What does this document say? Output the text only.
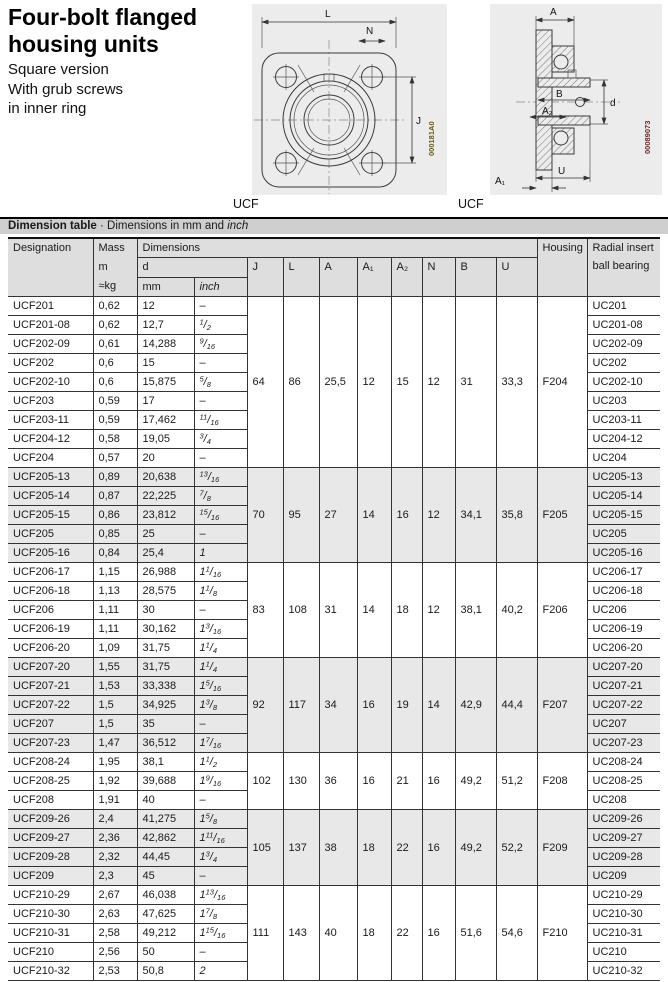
Four-bolt flanged
housing units
Square version
With grub screws
in inner ring
L
N
J 000181A0
A
B
A₂
d
U
A₁
00089073
UCF	UCF
Dimension table · Dimensions in mm and inch
Designation	Mass
m
≈kg
	Dimensions	Housing	Radial insert
ball bearing
		d		J	L	A	A₁	A₂	N	B	U		
		mm	inch										
UCF201	0,62	12	–	64	86	25,5	12	15	12	31	33,3	F204	UC201
UCF201-08	0,62	12,7	$^1/_2$										UC201-08
UCF202-09	0,61	14,288	$^9/_{16}$										UC202-09
UCF202	0,6	15	–										UC202
UCF202-10	0,6	15,875	$^5/_8$										UC202-10
UCF203	0,59	17	–										UC203
UCF203-11	0,59	17,462	$^{11}/_{16}$										UC203-11
UCF204-12	0,58	19,05	$^3/_4$										UC204-12
UCF204	0,57	20	–										UC204
UCF205-13	0,89	20,638	$^{13}/_{16}$	70	95	27	14	16	12	34,1	35,8	F205	UC205-13
UCF205-14	0,87	22,225	$^7/_8$										UC205-14
UCF205-15	0,86	23,812	$^{15}/_{16}$										UC205-15
UCF205	0,85	25	–										UC205
UCF205-16	0,84	25,4	1										UC205-16
UCF206-17	1,15	26,988	$1^1/_{16}$	83	108	31	14	18	12	38,1	40,2	F206	UC206-17
UCF206-18	1,13	28,575	$1^1/_8$										UC206-18
UCF206	1,11	30	–										UC206
UCF206-19	1,11	30,162	$1^3/_{16}$										UC206-19
UCF206-20	1,09	31,75	$1^1/_4$										UC206-20
UCF207-20	1,55	31,75	$1^1/_4$	92	117	34	16	19	14	42,9	44,4	F207	UC207-20
UCF207-21	1,53	33,338	$1^5/_{16}$										UC207-21
UCF207-22	1,5	34,925	$1^3/_8$										UC207-22
UCF207	1,5	35	–										UC207
UCF207-23	1,47	36,512	$1^7/_{16}$										UC207-23
UCF208-24	1,95	38,1	$1^1/_2$	102	130	36	16	21	16	49,2	51,2	F208	UC208-24
UCF208-25	1,92	39,688	$1^9/_{16}$										UC208-25
UCF208	1,91	40	–										UC208
UCF209-26	2,4	41,275	$1^5/_8$	105	137	38	18	22	16	49,2	52,2	F209	UC209-26
UCF209-27	2,36	42,862	$1^{11}/_{16}$										UC209-27
UCF209-28	2,32	44,45	$1^3/_4$										UC209-28
UCF209	2,3	45	–										UC209
UCF210-29	2,67	46,038	$1^{13}/_{16}$	111	143	40	18	22	16	51,6	54,6	F210	UC210-29
UCF210-30	2,63	47,625	$1^7/_8$										UC210-30
UCF210-31	2,58	49,212	$1^{15}/_{16}$										UC210-31
UCF210	2,56	50	–										UC210
UCF210-32	2,53	50,8	2										UC210-32
